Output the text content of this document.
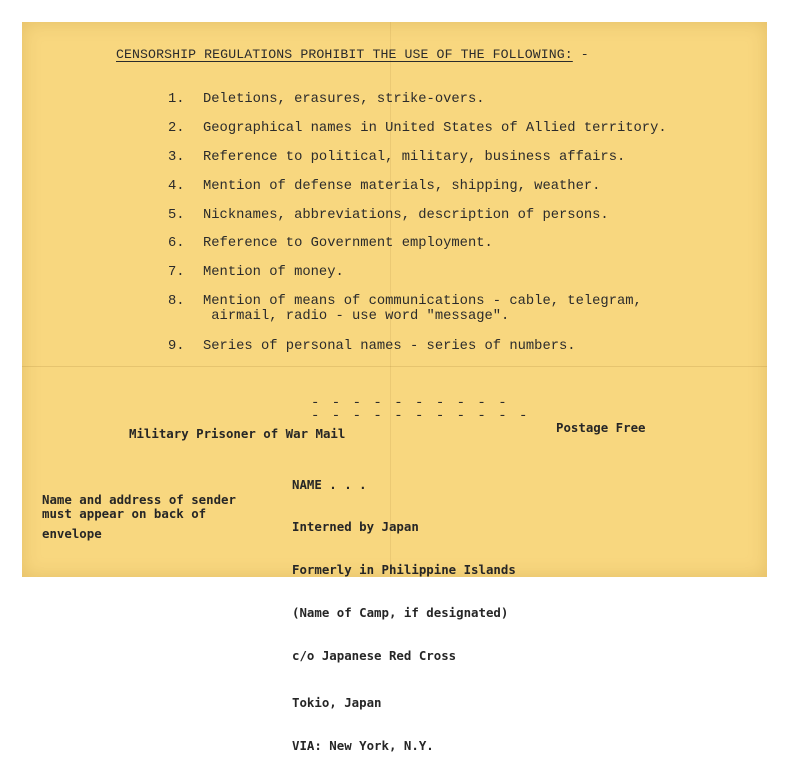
CENSORSHIP REGULATIONS PROHIBIT THE USE OF THE FOLLOWING: -

1.

	Deletions, erasures, strike-overs.

2.

	Geographical names in United States of Allied territory.

3.

	Reference to political, military, business affairs.

4.

	Mention of defense materials, shipping, weather.

5.

	Nicknames, abbreviations, description of persons.

6.

	Reference to Government employment.

7.

	Mention of money.

8.

	Mention of means of communications - cable, telegram,
airmail, radio - use word "message".

9.

	Series of personal names - series of numbers.

- - - - - - - - - -
- - - - - - - - - - -
Military Prisoner of War Mail	Postage Free
Name and address of sender
must appear on back of
envelope

NAME . . .

Interned by Japan

Formerly in Philippine Islands

(Name of Camp, if designated)

c/o Japanese Red Cross

Tokio, Japan

VIA: New York, N.Y.
